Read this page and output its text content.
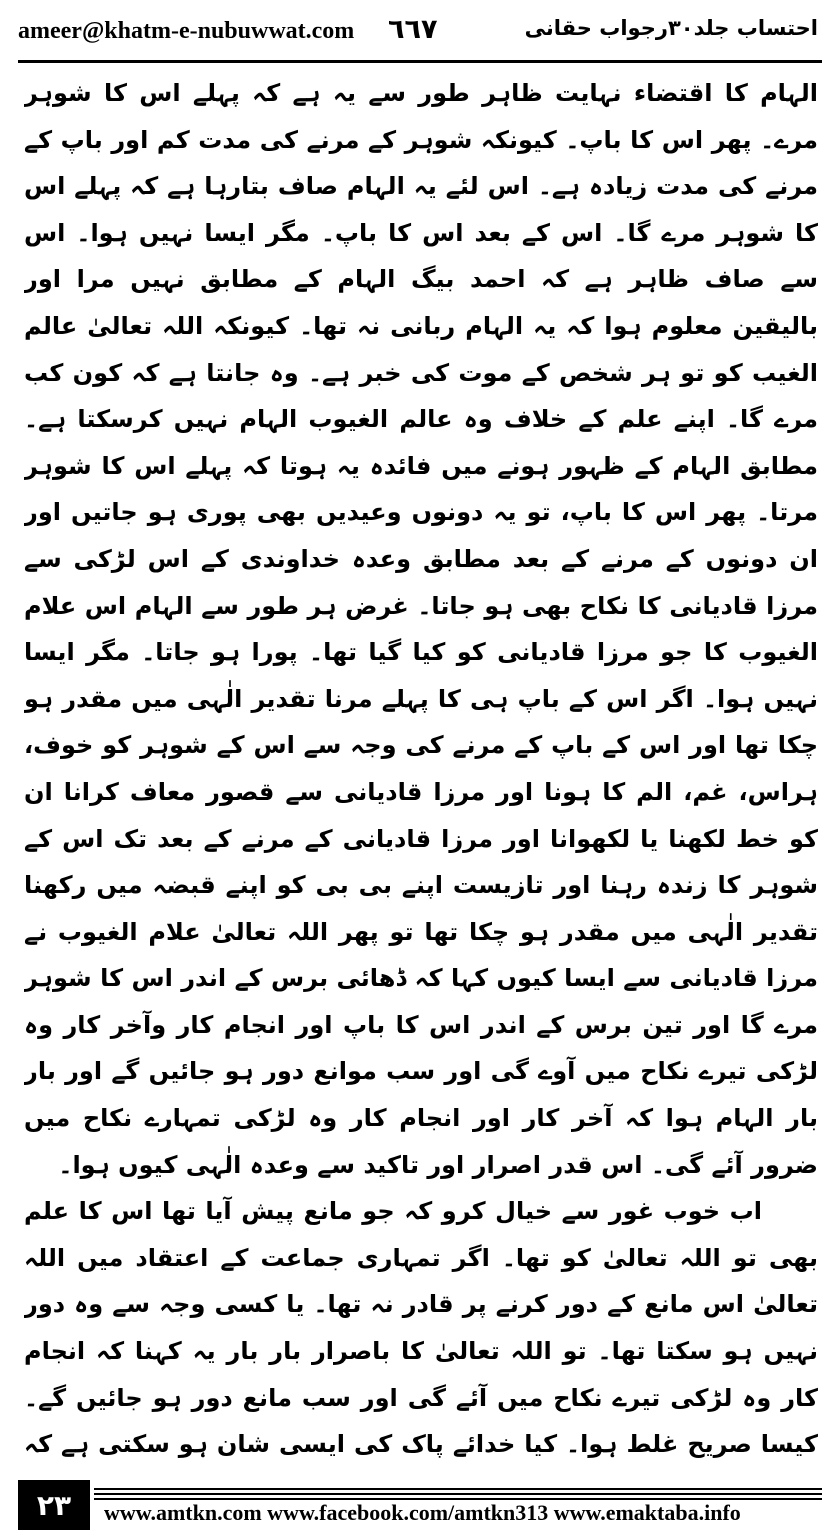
ameer@khatm-e-nubuwwat.com ٦٦٧	احتساب جلد۳۰رجواب حقانی

الہام کا اقتضاء نہایت ظاہر طور سے یہ ہے کہ پہلے اس کا شوہر مرے۔ پھر اس کا باپ۔ کیونکہ شوہر کے مرنے کی مدت کم اور باپ کے مرنے کی مدت زیادہ ہے۔ اس لئے یہ الہام صاف بتارہا ہے کہ پہلے اس کا شوہر مرے گا۔ اس کے بعد اس کا باپ۔ مگر ایسا نہیں ہوا۔ اس سے صاف ظاہر ہے کہ احمد بیگ الہام کے مطابق نہیں مرا اور بالیقین معلوم ہوا کہ یہ الہام ربانی نہ تھا۔ کیونکہ اللہ تعالیٰ عالم الغیب کو تو ہر شخص کے موت کی خبر ہے۔ وہ جانتا ہے کہ کون کب مرے گا۔ اپنے علم کے خلاف وہ عالم الغیوب الہام نہیں کرسکتا ہے۔ مطابق الہام کے ظہور ہونے میں فائدہ یہ ہوتا کہ پہلے اس کا شوہر مرتا۔ پھر اس کا باپ، تو یہ دونوں وعیدیں بھی پوری ہو جاتیں اور ان دونوں کے مرنے کے بعد مطابق وعدہ خداوندی کے اس لڑکی سے مرزا قادیانی کا نکاح بھی ہو جاتا۔ غرض ہر طور سے الہام اس علام الغیوب کا جو مرزا قادیانی کو کیا گیا تھا۔ پورا ہو جاتا۔ مگر ایسا نہیں ہوا۔ اگر اس کے باپ ہی کا پہلے مرنا تقدیر الٰہی میں مقدر ہو چکا تھا اور اس کے باپ کے مرنے کی وجہ سے اس کے شوہر کو خوف، ہراس، غم، الم کا ہونا اور مرزا قادیانی سے قصور معاف کرانا ان کو خط لکھنا یا لکھوانا اور مرزا قادیانی کے مرنے کے بعد تک اس کے شوہر کا زندہ رہنا اور تازیست اپنے بی بی کو اپنے قبضہ میں رکھنا تقدیر الٰہی میں مقدر ہو چکا تھا تو پھر اللہ تعالیٰ علام الغیوب نے مرزا قادیانی سے ایسا کیوں کہا کہ ڈھائی برس کے اندر اس کا شوہر مرے گا اور تین برس کے اندر اس کا باپ اور انجام کار وآخر کار وہ لڑکی تیرے نکاح میں آوے گی اور سب موانع دور ہو جائیں گے اور بار بار الہام ہوا کہ آخر کار اور انجام کار وہ لڑکی تمہارے نکاح میں ضرور آئے گی۔ اس قدر اصرار اور تاکید سے وعدہ الٰہی کیوں ہوا۔

اب خوب غور سے خیال کرو کہ جو مانع پیش آیا تھا اس کا علم بھی تو اللہ تعالیٰ کو تھا۔ اگر تمہاری جماعت کے اعتقاد میں اللہ تعالیٰ اس مانع کے دور کرنے پر قادر نہ تھا۔ یا کسی وجہ سے وہ دور نہیں ہو سکتا تھا۔ تو اللہ تعالیٰ کا باصرار بار بار یہ کہنا کہ انجام کار وہ لڑکی تیرے نکاح میں آئے گی اور سب مانع دور ہو جائیں گے۔ کیسا صریح غلط ہوا۔ کیا خدائے پاک کی ایسی شان ہو سکتی ہے کہ

۲۳	www.amtkn.com www.facebook.com/amtkn313 www.emaktaba.info
